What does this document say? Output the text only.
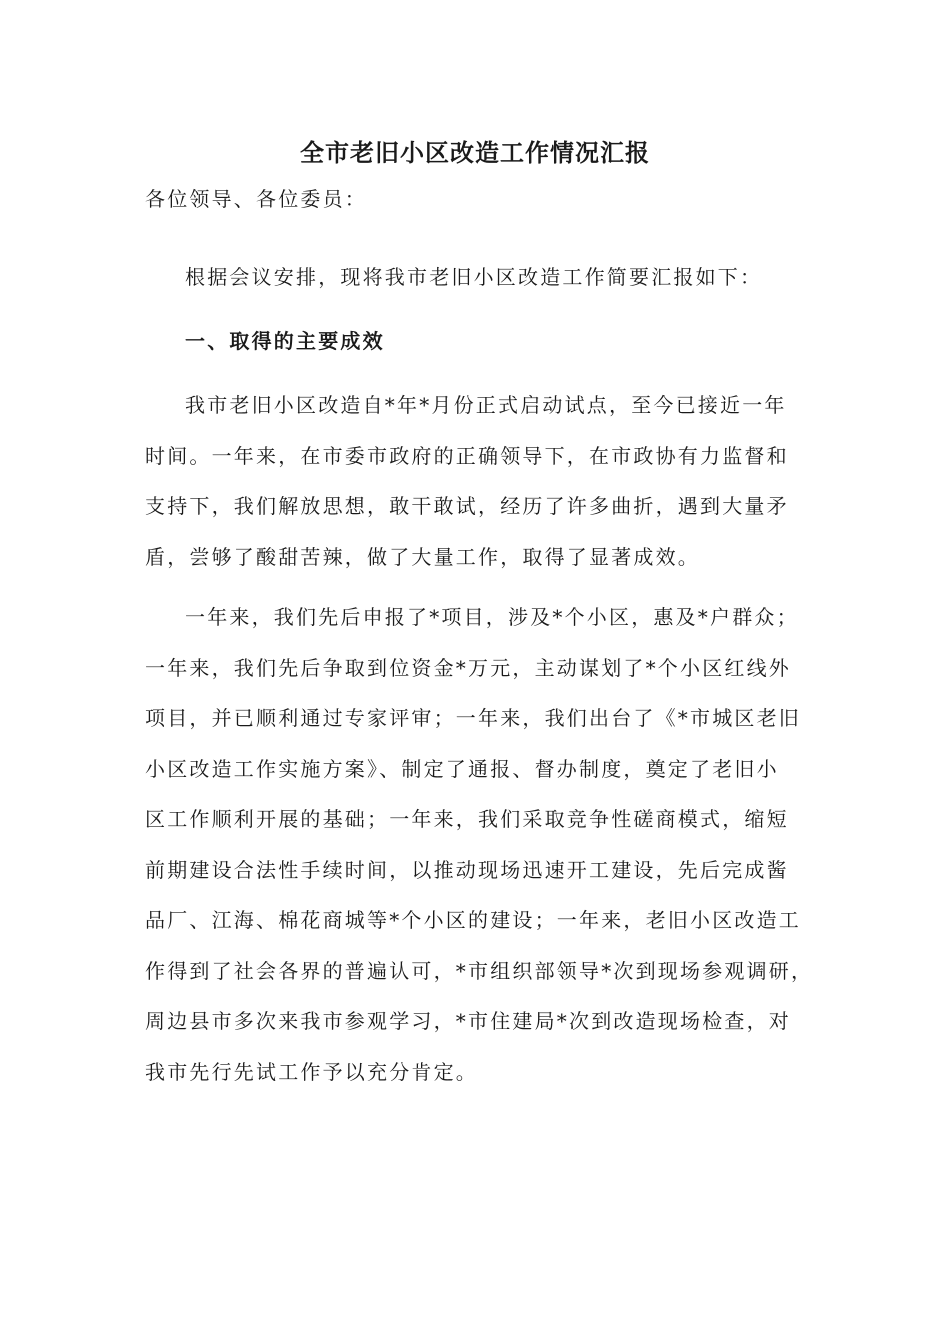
全市老旧小区改造工作情况汇报
各位领导、各位委员：
根据会议安排，现将我市老旧小区改造工作简要汇报如下：
一、取得的主要成效
我市老旧小区改造自*年*月份正式启动试点，至今已接近一年
时间。一年来，在市委市政府的正确领导下，在市政协有力监督和
支持下，我们解放思想，敢干敢试，经历了许多曲折，遇到大量矛
盾，尝够了酸甜苦辣，做了大量工作，取得了显著成效。
一年来，我们先后申报了*项目，涉及*个小区，惠及*户群众；
一年来，我们先后争取到位资金*万元，主动谋划了*个小区红线外
项目，并已顺利通过专家评审；一年来，我们出台了《*市城区老旧
小区改造工作实施方案》、制定了通报、督办制度，奠定了老旧小
区工作顺利开展的基础；一年来，我们采取竞争性磋商模式，缩短
前期建设合法性手续时间，以推动现场迅速开工建设，先后完成酱
品厂、江海、棉花商城等*个小区的建设；一年来，老旧小区改造工
作得到了社会各界的普遍认可，*市组织部领导*次到现场参观调研，
周边县市多次来我市参观学习，*市住建局*次到改造现场检查，对
我市先行先试工作予以充分肯定。
